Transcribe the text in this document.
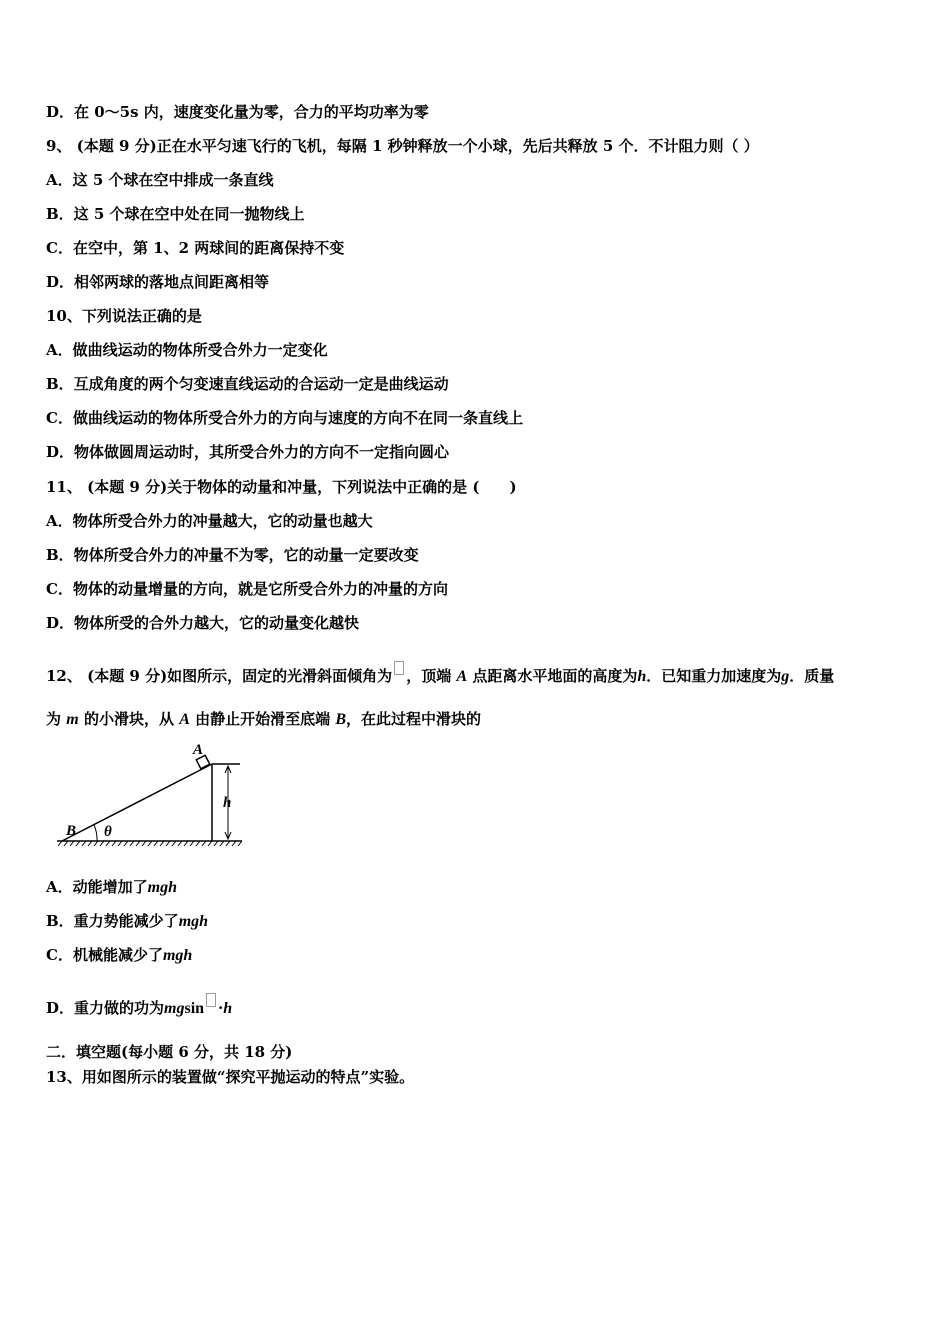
D．在 0～5s 内，速度变化量为零，合力的平均功率为零
9、 (本题 9 分)正在水平匀速飞行的飞机，每隔 1 秒钟释放一个小球，先后共释放 5 个．不计阻力则（ ）
A．这 5 个球在空中排成一条直线
B．这 5 个球在空中处在同一抛物线上
C．在空中，第 1、2 两球间的距离保持不变
D．相邻两球的落地点间距离相等
10、下列说法正确的是
A．做曲线运动的物体所受合外力一定变化
B．互成角度的两个匀变速直线运动的合运动一定是曲线运动
C．做曲线运动的物体所受合外力的方向与速度的方向不在同一条直线上
D．物体做圆周运动时，其所受合外力的方向不一定指向圆心
11、 (本题 9 分)关于物体的动量和冲量，下列说法中正确的是 (　　)
A．物体所受合外力的冲量越大，它的动量也越大
B．物体所受合外力的冲量不为零，它的动量一定要改变
C．物体的动量增量的方向，就是它所受合外力的冲量的方向
D．物体所受的合外力越大，它的动量变化越快
12、 (本题 9 分)如图所示，固定的光滑斜面倾角为 ，顶端 A 点距离水平地面的高度为h．已知重力加速度为g．质量
为 m 的小滑块，从 A 由静止开始滑至底端 B，在此过程中滑块的
A
B
h
θ
A．动能增加了mgh
B．重力势能减少了mgh
C．机械能减少了mgh
D．重力做的功为mgsin ·h
二．填空题(每小题 6 分，共 18 分)
13、用如图所示的装置做“探究平抛运动的特点”实验。
